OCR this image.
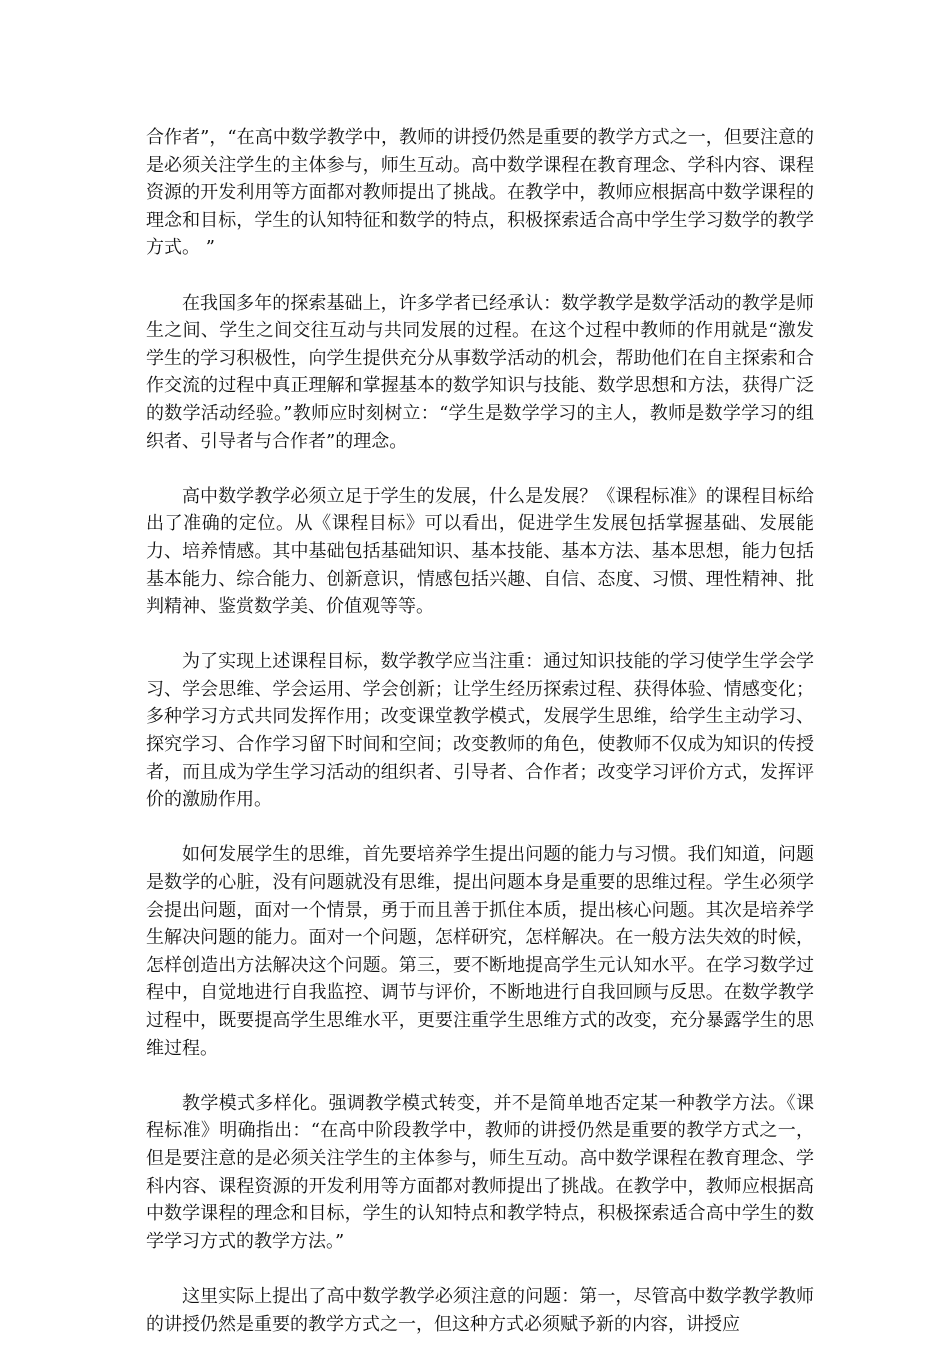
合作者”，“在高中数学教学中，教师的讲授仍然是重要的教学方式之一，但要注意的是必须关注学生的主体参与，师生互动。高中数学课程在教育理念、学科内容、课程资源的开发利用等方面都对教师提出了挑战。在教学中，教师应根据高中数学课程的理念和目标，学生的认知特征和数学的特点，积极探索适合高中学生学习数学的教学方式。 ”

在我国多年的探索基础上，许多学者已经承认：数学教学是数学活动的教学是师生之间、学生之间交往互动与共同发展的过程。在这个过程中教师的作用就是“激发学生的学习积极性，向学生提供充分从事数学活动的机会，帮助他们在自主探索和合作交流的过程中真正理解和掌握基本的数学知识与技能、数学思想和方法，获得广泛的数学活动经验。”教师应时刻树立：“学生是数学学习的主人，教师是数学学习的组织者、引导者与合作者”的理念。

高中数学教学必须立足于学生的发展，什么是发展？《课程标准》的课程目标给出了准确的定位。从《课程目标》可以看出，促进学生发展包括掌握基础、发展能力、培养情感。其中基础包括基础知识、基本技能、基本方法、基本思想，能力包括基本能力、综合能力、创新意识，情感包括兴趣、自信、态度、习惯、理性精神、批判精神、鉴赏数学美、价值观等等。

为了实现上述课程目标，数学教学应当注重：通过知识技能的学习使学生学会学习、学会思维、学会运用、学会创新；让学生经历探索过程、获得体验、情感变化；多种学习方式共同发挥作用；改变课堂教学模式，发展学生思维，给学生主动学习、探究学习、合作学习留下时间和空间；改变教师的角色，使教师不仅成为知识的传授者，而且成为学生学习活动的组织者、引导者、合作者；改变学习评价方式，发挥评价的激励作用。

如何发展学生的思维，首先要培养学生提出问题的能力与习惯。我们知道，问题是数学的心脏，没有问题就没有思维，提出问题本身是重要的思维过程。学生必须学会提出问题，面对一个情景，勇于而且善于抓住本质，提出核心问题。其次是培养学生解决问题的能力。面对一个问题，怎样研究，怎样解决。在一般方法失效的时候，怎样创造出方法解决这个问题。第三，要不断地提高学生元认知水平。在学习数学过程中，自觉地进行自我监控、调节与评价，不断地进行自我回顾与反思。在数学教学过程中，既要提高学生思维水平，更要注重学生思维方式的改变，充分暴露学生的思维过程。

教学模式多样化。强调教学模式转变，并不是简单地否定某一种教学方法。《课程标准》明确指出：“在高中阶段教学中，教师的讲授仍然是重要的教学方式之一，但是要注意的是必须关注学生的主体参与，师生互动。高中数学课程在教育理念、学科内容、课程资源的开发利用等方面都对教师提出了挑战。在教学中，教师应根据高中数学课程的理念和目标，学生的认知特点和教学特点，积极探索适合高中学生的数学学习方式的教学方法。”

这里实际上提出了高中数学教学必须注意的问题：第一，尽管高中数学教学教师的讲授仍然是重要的教学方式之一，但这种方式必须赋予新的内容，讲授应
